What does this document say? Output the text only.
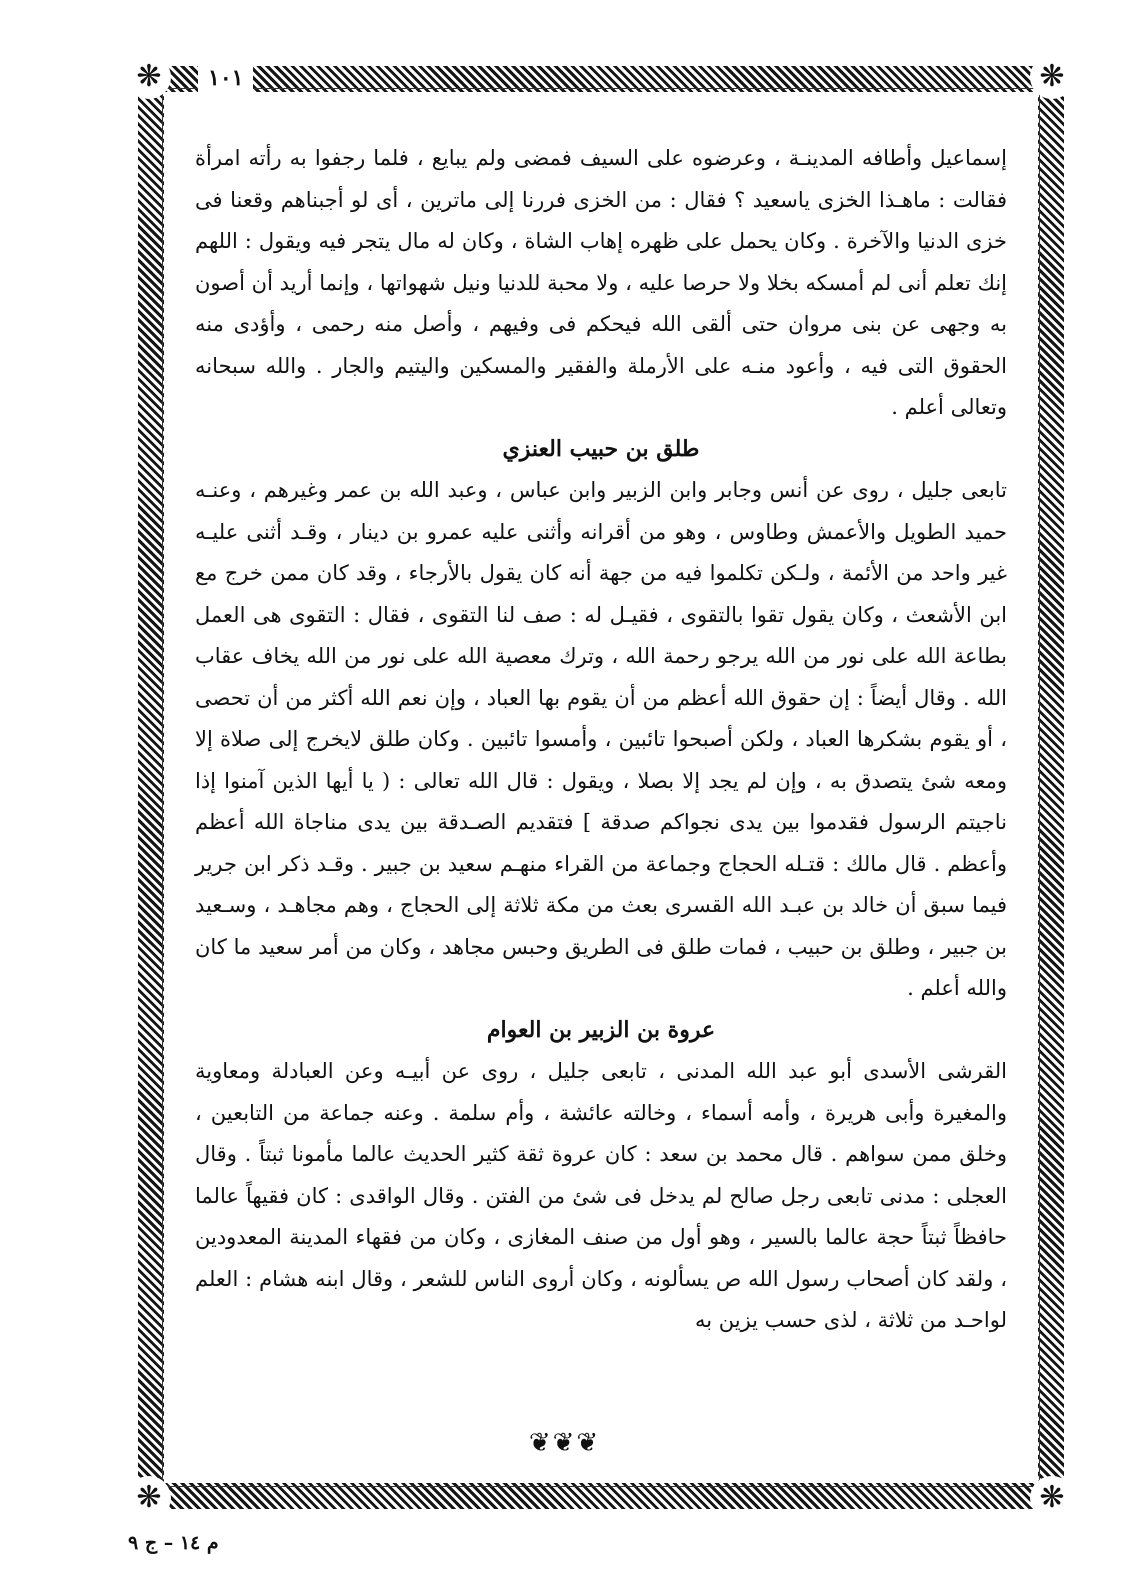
❋	❋
❋	❋
١٠١

إسماعيل وأطافه المدينـة ، وعرضوه على السيف فمضى ولم يبايع ، فلما رجفوا به رأته امرأة فقالت : ماهـذا الخزى ياسعيد ؟ فقال : من الخزى فررنا إلى ماترين ، أى لو أجبناهم وقعنا فى خزى الدنيا والآخرة . وكان يحمل على ظهره إهاب الشاة ، وكان له مال يتجر فيه ويقول : اللهم إنك تعلم أنى لم أمسكه بخلا ولا حرصا عليه ، ولا محبة للدنيا ونيل شهواتها ، وإنما أريد أن أصون به وجهى عن بنى مروان حتى ألقى الله فيحكم فى وفيهم ، وأصل منه رحمى ، وأؤدى منه الحقوق التى فيه ، وأعود منـه على الأرملة والفقير والمسكين واليتيم والجار . والله سبحانه وتعالى أعلم .

طلق بن حبيب العنزي

تابعى جليل ، روى عن أنس وجابر وابن الزبير وابن عباس ، وعبد الله بن عمر وغيرهم ، وعنـه حميد الطويل والأعمش وطاوس ، وهو من أقرانه وأثنى عليه عمرو بن دينار ، وقـد أثنى عليـه غير واحد من الأئمة ، ولـكن تكلموا فيه من جهة أنه كان يقول بالأرجاء ، وقد كان ممن خرج مع ابن الأشعث ، وكان يقول تقوا بالتقوى ، فقيـل له : صف لنا التقوى ، فقال : التقوى هى العمل بطاعة الله على نور من الله يرجو رحمة الله ، وترك معصية الله على نور من الله يخاف عقاب الله . وقال أيضاً : إن حقوق الله أعظم من أن يقوم بها العباد ، وإن نعم الله أكثر من أن تحصى ، أو يقوم بشكرها العباد ، ولكن أصبحوا تائبين ، وأمسوا تائبين . وكان طلق لايخرج إلى صلاة إلا ومعه شئ يتصدق به ، وإن لم يجد إلا بصلا ، ويقول : قال الله تعالى : ( يا أيها الذين آمنوا إذا ناجيتم الرسول فقدموا بين يدى نجواكم صدقة ] فتقديم الصـدقة بين يدى مناجاة الله أعظم وأعظم . قال مالك : قتـله الحجاج وجماعة من القراء منهـم سعيد بن جبير . وقـد ذكر ابن جرير فيما سبق أن خالد بن عبـد الله القسرى بعث من مكة ثلاثة إلى الحجاج ، وهم مجاهـد ، وسـعيد بن جبير ، وطلق بن حبيب ، فمات طلق فى الطريق وحبس مجاهد ، وكان من أمر سعيد ما كان والله أعلم .

عروة بن الزبير بن العوام

القرشى الأسدى أبو عبد الله المدنى ، تابعى جليل ، روى عن أبيـه وعن العبادلة ومعاوية والمغيرة وأبى هريرة ، وأمه أسماء ، وخالته عائشة ، وأم سلمة . وعنه جماعة من التابعين ، وخلق ممن سواهم . قال محمد بن سعد : كان عروة ثقة كثير الحديث عالما مأمونا ثبتاً . وقال العجلى : مدنى تابعى رجل صالح لم يدخل فى شئ من الفتن . وقال الواقدى : كان فقيهاً عالما حافظاً ثبتاً حجة عالما بالسير ، وهو أول من صنف المغازى ، وكان من فقهاء المدينة المعدودين ، ولقد كان أصحاب رسول الله ص يسألونه ، وكان أروى الناس للشعر ، وقال ابنه هشام : العلم لواحـد من ثلاثة ، لذى حسب يزين به

❦❦❦
م ١٤ – ج ٩
